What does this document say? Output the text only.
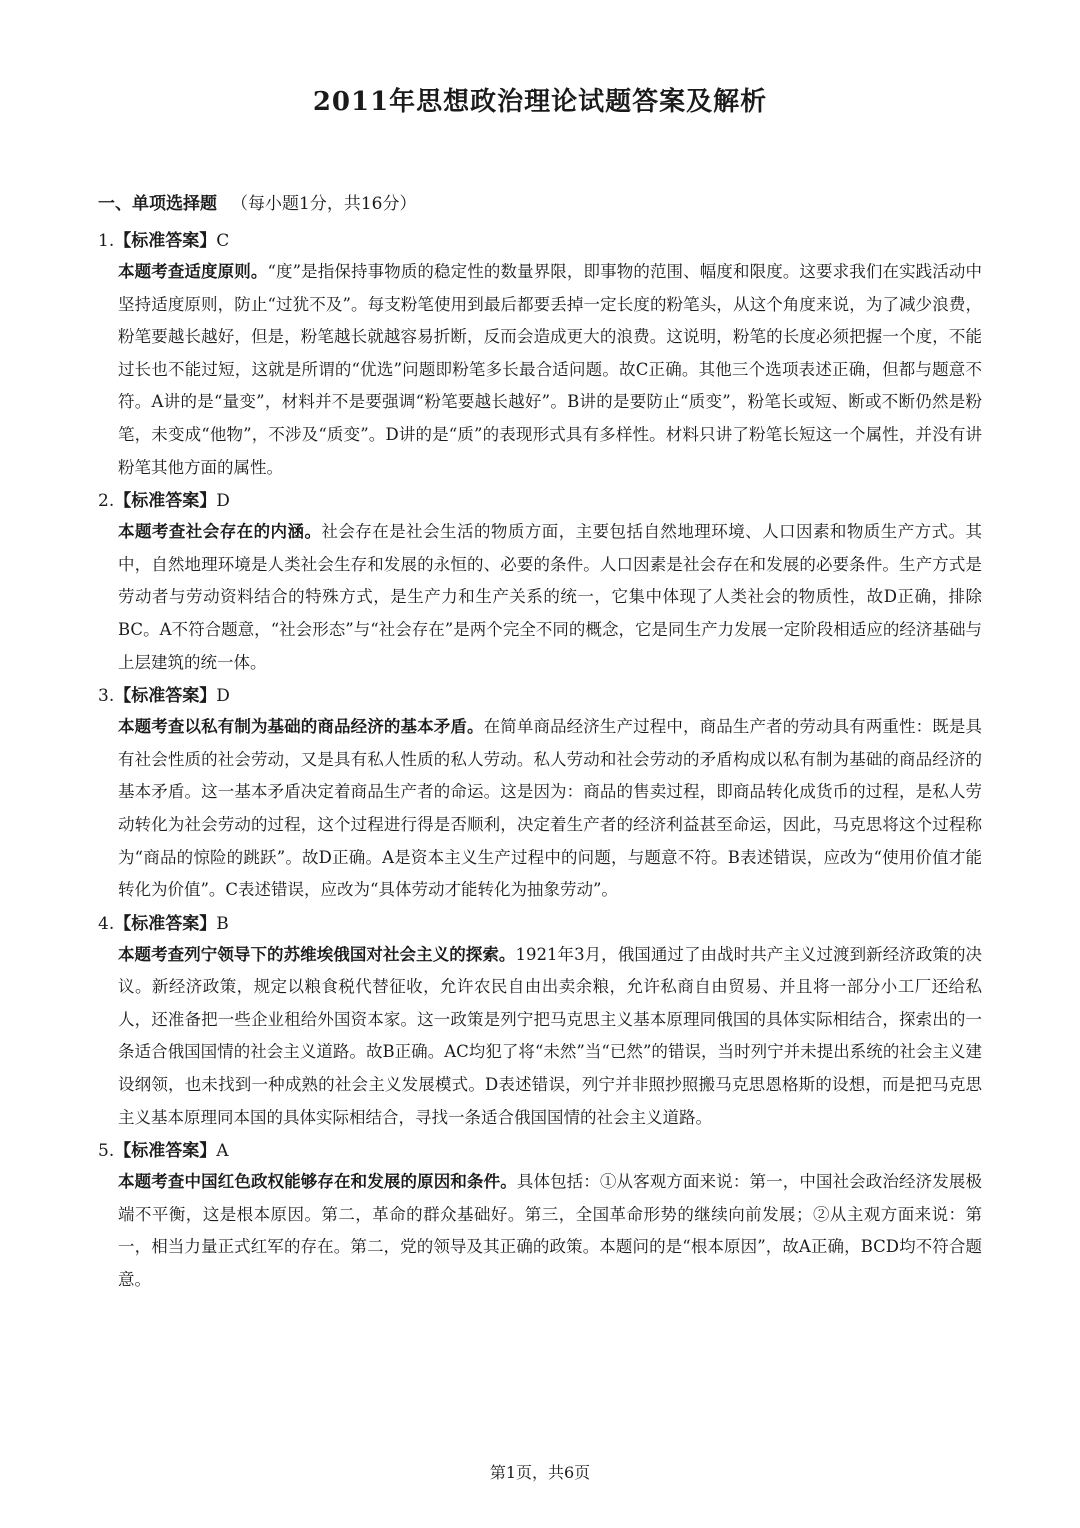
2011年思想政治理论试题答案及解析
一、单项选择题 （每小题1分，共16分）
1.【标准答案】C

本题考查适度原则。“度”是指保持事物质的稳定性的数量界限，即事物的范围、幅度和限度。这要求我们在实践活动中坚持适度原则，防止“过犹不及”。每支粉笔使用到最后都要丢掉一定长度的粉笔头，从这个角度来说，为了减少浪费，粉笔要越长越好，但是，粉笔越长就越容易折断，反而会造成更大的浪费。这说明，粉笔的长度必须把握一个度，不能过长也不能过短，这就是所谓的“优选”问题即粉笔多长最合适问题。故C正确。其他三个选项表述正确，但都与题意不符。A讲的是“量变”，材料并不是要强调“粉笔要越长越好”。B讲的是要防止“质变”，粉笔长或短、断或不断仍然是粉笔，未变成“他物”，不涉及“质变”。D讲的是“质”的表现形式具有多样性。材料只讲了粉笔长短这一个属性，并没有讲粉笔其他方面的属性。

2.【标准答案】D

本题考查社会存在的内涵。社会存在是社会生活的物质方面，主要包括自然地理环境、人口因素和物质生产方式。其中，自然地理环境是人类社会生存和发展的永恒的、必要的条件。人口因素是社会存在和发展的必要条件。生产方式是劳动者与劳动资料结合的特殊方式，是生产力和生产关系的统一，它集中体现了人类社会的物质性，故D正确，排除BC。A不符合题意，“社会形态”与“社会存在”是两个完全不同的概念，它是同生产力发展一定阶段相适应的经济基础与上层建筑的统一体。

3.【标准答案】D

本题考查以私有制为基础的商品经济的基本矛盾。在简单商品经济生产过程中，商品生产者的劳动具有两重性：既是具有社会性质的社会劳动，又是具有私人性质的私人劳动。私人劳动和社会劳动的矛盾构成以私有制为基础的商品经济的基本矛盾。这一基本矛盾决定着商品生产者的命运。这是因为：商品的售卖过程，即商品转化成货币的过程，是私人劳动转化为社会劳动的过程，这个过程进行得是否顺利，决定着生产者的经济利益甚至命运，因此，马克思将这个过程称为“商品的惊险的跳跃”。故D正确。A是资本主义生产过程中的问题，与题意不符。B表述错误，应改为“使用价值才能转化为价值”。C表述错误，应改为“具体劳动才能转化为抽象劳动”。

4.【标准答案】B

本题考查列宁领导下的苏维埃俄国对社会主义的探索。1921年3月，俄国通过了由战时共产主义过渡到新经济政策的决议。新经济政策，规定以粮食税代替征收，允许农民自由出卖余粮，允许私商自由贸易、并且将一部分小工厂还给私人，还准备把一些企业租给外国资本家。这一政策是列宁把马克思主义基本原理同俄国的具体实际相结合，探索出的一条适合俄国国情的社会主义道路。故B正确。AC均犯了将“未然”当“已然”的错误，当时列宁并未提出系统的社会主义建设纲领，也未找到一种成熟的社会主义发展模式。D表述错误，列宁并非照抄照搬马克思恩格斯的设想，而是把马克思主义基本原理同本国的具体实际相结合，寻找一条适合俄国国情的社会主义道路。

5.【标准答案】A

本题考查中国红色政权能够存在和发展的原因和条件。具体包括：①从客观方面来说：第一，中国社会政治经济发展极端不平衡，这是根本原因。第二，革命的群众基础好。第三，全国革命形势的继续向前发展；②从主观方面来说：第一，相当力量正式红军的存在。第二，党的领导及其正确的政策。本题问的是“根本原因”，故A正确，BCD均不符合题意。

第1页，共6页
